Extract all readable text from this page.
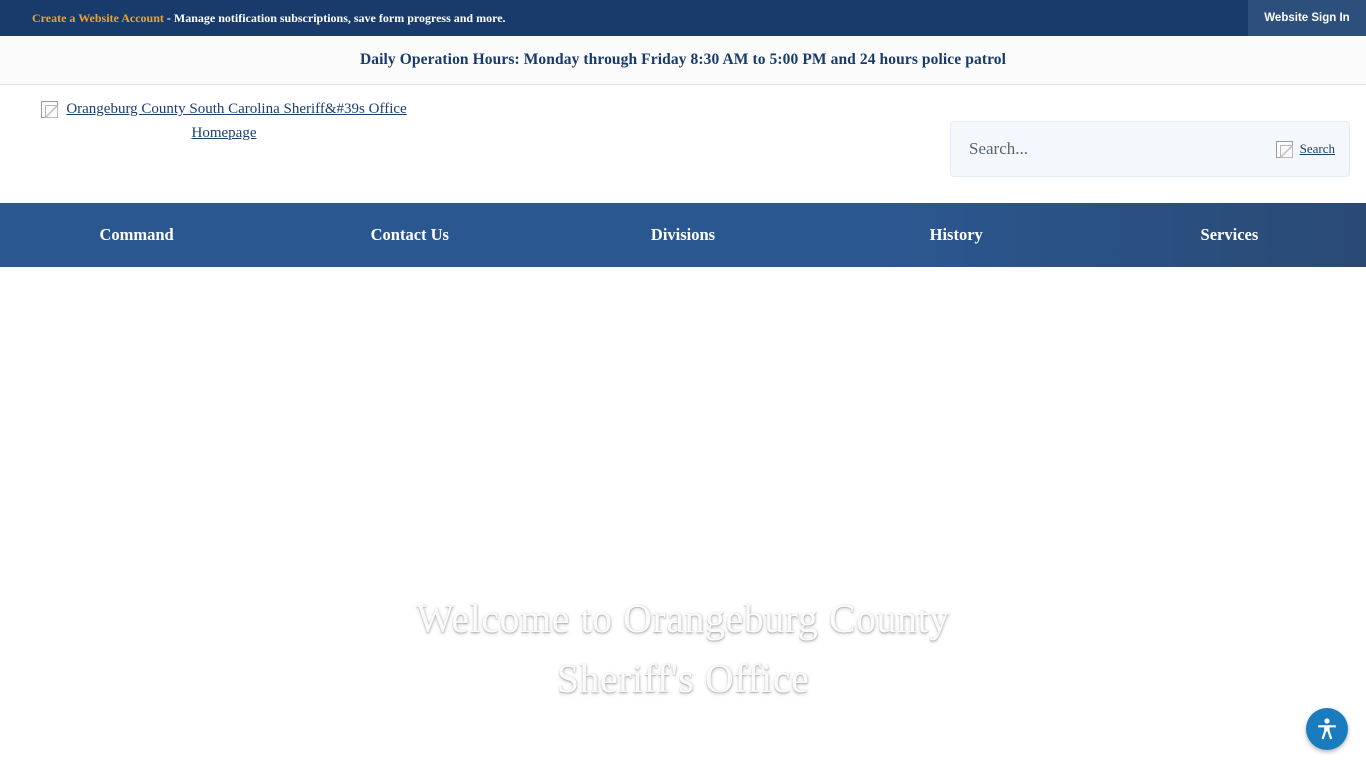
Create a Website Account - Manage notification subscriptions, save form progress and more.	Website Sign In
Daily Operation Hours: Monday through Friday 8:30 AM to 5:00 PM and 24 hours police patrol
Orangeburg County South Carolina Sheriff&#39s Office Homepage
Search...
Search
Command	Contact Us	Divisions	History	Services
Welcome to Orangeburg County
Sheriff's Office
